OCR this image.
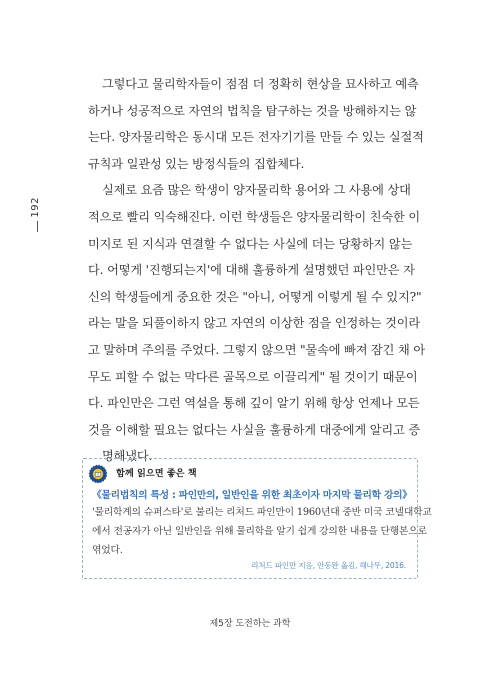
192
그렇다고 물리학자들이 점점 더 정확히 현상을 묘사하고 예측
하거나 성공적으로 자연의 법칙을 탐구하는 것을 방해하지는 않
는다. 양자물리학은 동시대 모든 전자기기를 만들 수 있는 실절적
규칙과 일관성 있는 방정식들의 집합체다.
실제로 요즘 많은 학생이 양자물리학 용어와 그 사용에 상대
적으로 빨리 익숙해진다. 이런 학생들은 양자물리학이 친숙한 이
미지로 된 지식과 연결할 수 없다는 사실에 더는 당황하지 않는
다. 어떻게 '진행되는지'에 대해 훌륭하게 설명했던 파인만은 자
신의 학생들에게 중요한 것은 "아니, 어떻게 이렇게 될 수 있지?"
라는 말을 되풀이하지 않고 자연의 이상한 점을 인정하는 것이라
고 말하며 주의를 주었다. 그렇지 않으면 "물속에 빠져 잠긴 채 아
무도 피할 수 없는 막다른 골목으로 이끌리게" 될 것이기 때문이
다. 파인만은 그런 역설을 통해 깊이 알기 위해 항상 언제나 모든
것을 이해할 필요는 없다는 사실을 훌륭하게 대중에게 알리고 증
명해냈다.
함께 읽으면 좋은 책
《물리법칙의 특성 : 파인만의, 일반인을 위한 최초이자 마지막 물리학 강의》
'물리학계의 슈퍼스타'로 불리는 리처드 파인만이 1960년대 중반 미국 코넬대학교
에서 전공자가 아닌 일반인을 위해 물리학을 알기 쉽게 강의한 내용을 단행본으로
엮었다.
리처드 파인만 지음, 안동완 옮김, 해나무, 2016.
제5장 도전하는 과학
